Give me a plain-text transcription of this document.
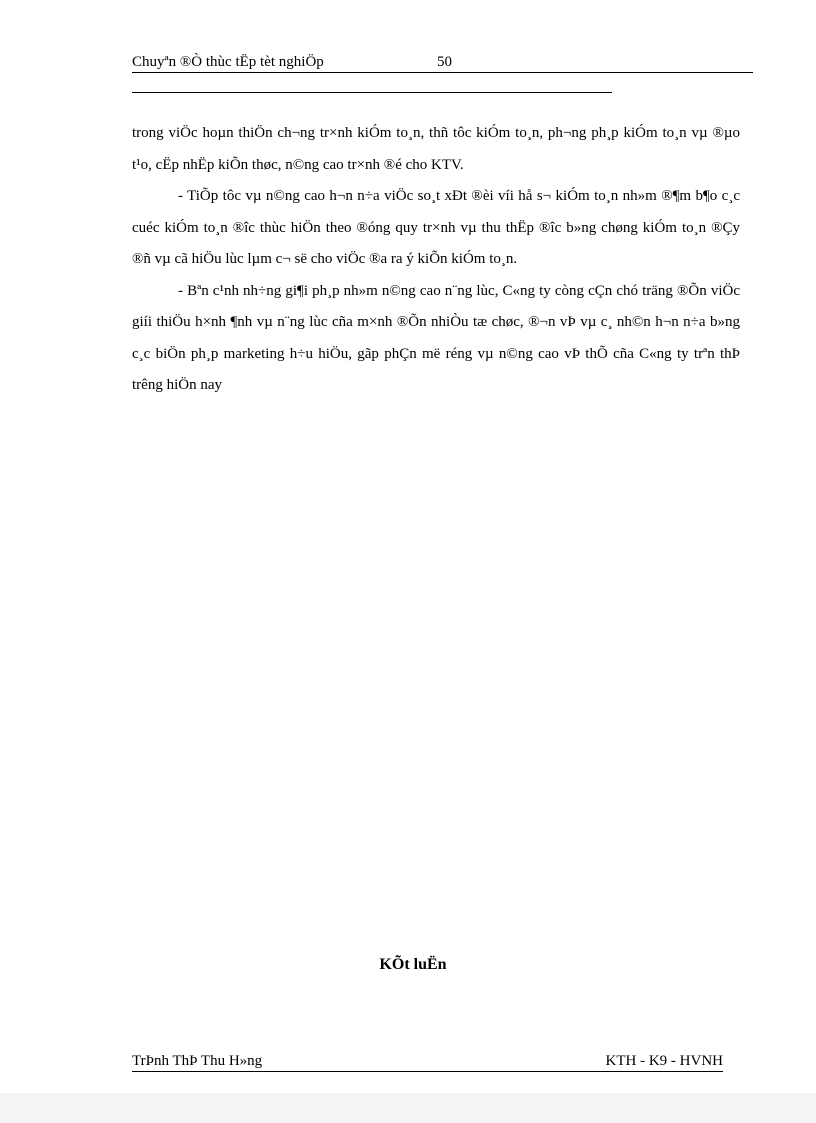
Chuyªn ®Ò thùc tËp tèt nghiÖp	50

trong viÖc hoµn thiÖn ch¬ng tr×nh kiÓm to¸n, thñ tôc kiÓm to¸n, ph¬ng ph¸p kiÓm to¸n vµ ®µo t¹o, cËp nhËp kiÕn thøc, n©ng cao tr×nh ®é cho KTV.

- TiÕp tôc vµ n©ng cao h¬n n÷a viÖc so¸t xÐt ®èi víi hå s¬ kiÓm to¸n nh»m ®¶m b¶o c¸c cuéc kiÓm to¸n ®îc thùc hiÖn theo ®óng quy tr×nh vµ thu thËp ®îc b»ng chøng kiÓm to¸n ®Çy ®ñ vµ cã hiÖu lùc lµm c¬ së cho viÖc ®a ra ý kiÕn kiÓm to¸n.

- Bªn c¹nh nh÷ng gi¶i ph¸p nh»m n©ng cao n¨ng lùc, C«ng ty còng cÇn chó träng ®Õn viÖc giíi thiÖu h×nh ¶nh vµ n¨ng lùc cña m×nh ®Õn nhiÒu tæ chøc, ®¬n vÞ vµ c¸ nh©n h¬n n÷a b»ng c¸c biÖn ph¸p marketing h÷u hiÖu, gãp phÇn më réng vµ n©ng cao vÞ thÕ cña C«ng ty trªn thÞ trêng hiÖn nay

KÕt luËn
TrÞnh ThÞ Thu H»ng	KTH - K9 - HVNH
